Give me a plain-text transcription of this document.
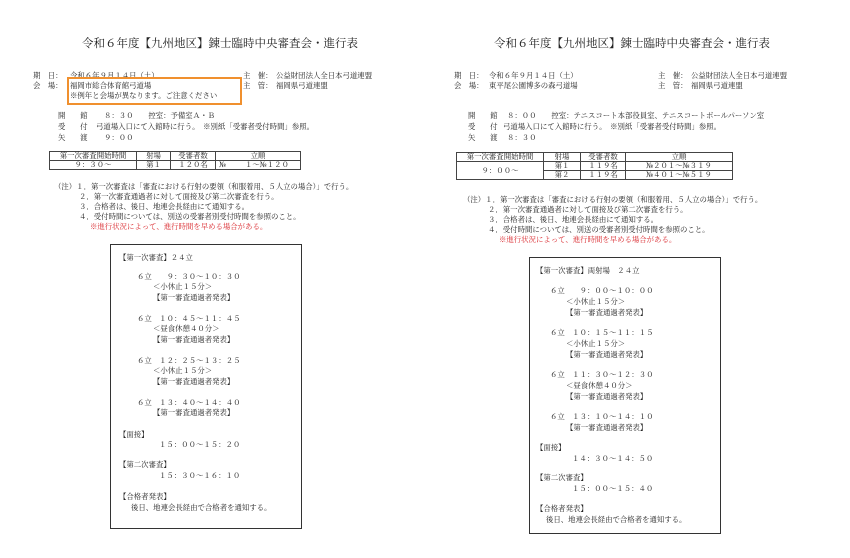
令和６年度【九州地区】錬士臨時中央審査会・進行表
期　日： 令和６年９月１４日（土）	主　催： 公益財団法人全日本弓道連盟
会　場： 福岡市総合体育館弓道場	主　管： 福岡県弓道連盟
※例年と会場が異なります。ご注意ください
開　　館 ８：３０　　控室：予備室Ａ・Ｂ
受　　付 弓道場入口にて入館時に行う。　※別紙「受審者受付時間」参照。
矢　　渡 ９：００
第一次審査開始時間	射場	受審者数	立順	
９：３０～	第１	１２０名	№	１～№１２０
（注）１．第一次審査は「審査における行射の要領（和服着用、５人立の場合）」で行う。
２．第一次審査通過者に対して面接及び第二次審査を行う。
３．合格者は、後日、地連会長経由にて通知する。
４．受付時間については、別送の受審者別受付時間を参照のこと。
※進行状況によって、進行時間を早める場合がある。
【第一次審査】２４立
６立　　９：３０～１０：３０
＜小休止１５分＞
【第一審査通過者発表】
６立　１０：４５～１１：４５
＜昼食休憩４０分＞
【第一審査通過者発表】
６立　１２：２５～１３：２５
＜小休止１５分＞
【第一審査通過者発表】
６立　１３：４０～１４：４０
【第一審査通過者発表】
【面接】
１５：００～１５：２０
【第二次審査】
１５：３０～１６：１０
【合格者発表】
後日、地連会長経由で合格者を通知する。
令和６年度【九州地区】錬士臨時中央審査会・進行表
期　日： 令和６年９月１４日（土）	主　催： 公益財団法人全日本弓道連盟
会　場： 東平尾公園博多の森弓道場	主　管： 福岡県弓道連盟
開　　館 ８：００　　控室：テニスコート本部役員室、テニスコートボールパーソン室
受　　付 弓道場入口にて入館時に行う。　※別紙「受審者受付時間」参照。
矢　　渡 ８：３０
第一次審査開始時間	射場	受審者数	立順
９：００～	第１	１１９名	№２０１～№３１９
	第２	１１９名	№４０１～№５１９
（注）１．第一次審査は「審査における行射の要領（和服着用、５人立の場合）」で行う。
２．第一次審査通過者に対して面接及び第二次審査を行う。
３．合格者は、後日、地連会長経由にて通知する。
４．受付時間については、別送の受審者別受付時間を参照のこと。
※進行状況によって、進行時間を早める場合がある。
【第一次審査】両射場　２４立
６立　　９：００～１０：００
＜小休止１５分＞
【第一審査通過者発表】
６立　１０：１５～１１：１５
＜小休止１５分＞
【第一審査通過者発表】
６立　１１：３０～１２：３０
＜昼食休憩４０分＞
【第一審査通過者発表】
６立　１３：１０～１４：１０
【第一審査通過者発表】
【面接】
１４：３０～１４：５０
【第二次審査】
１５：００～１５：４０
【合格者発表】
後日、地連会長経由で合格者を通知する。
